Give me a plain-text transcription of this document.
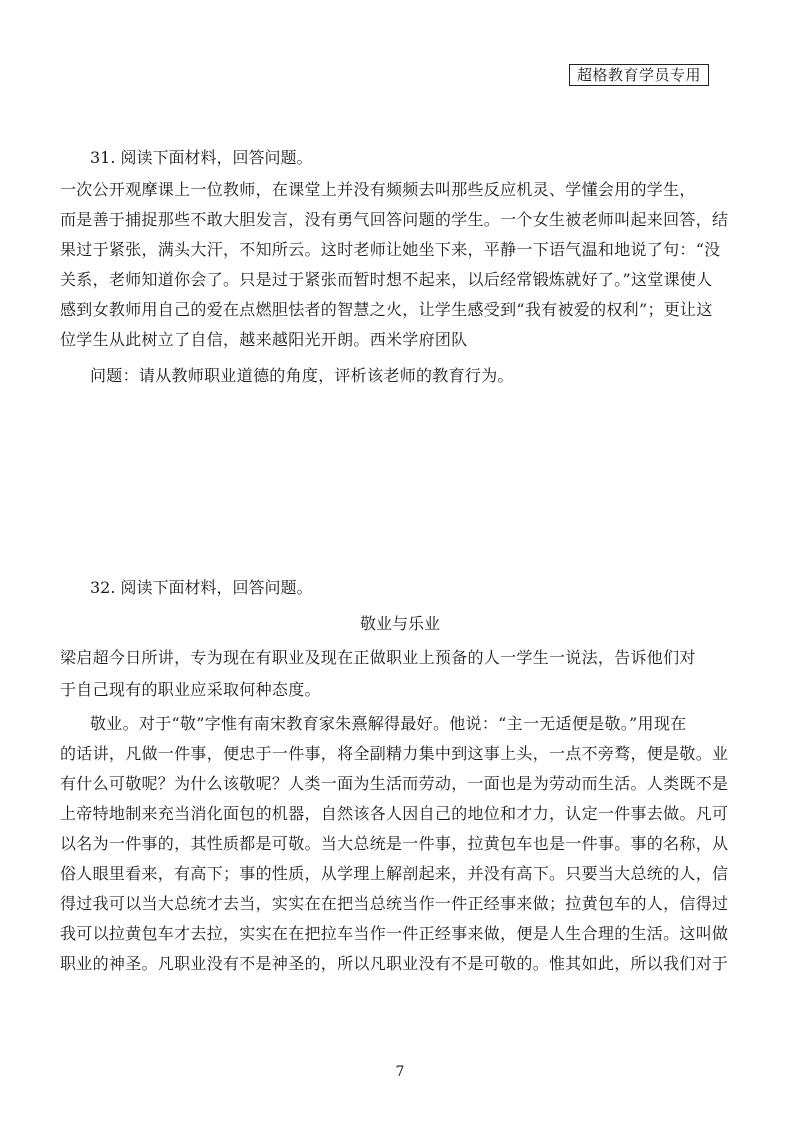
超格教育学员专用
31. 阅读下面材料，回答问题。
一次公开观摩课上一位教师，在课堂上并没有频频去叫那些反应机灵、学懂会用的学生，
而是善于捕捉那些不敢大胆发言，没有勇气回答问题的学生。一个女生被老师叫起来回答，结
果过于紧张，满头大汗，不知所云。这时老师让她坐下来，平静一下语气温和地说了句：“没
关系，老师知道你会了。只是过于紧张而暂时想不起来，以后经常锻炼就好了。”这堂课使人
感到女教师用自己的爱在点燃胆怯者的智慧之火，让学生感受到“我有被爱的权利”；更让这
位学生从此树立了自信，越来越阳光开朗。西米学府团队
问题：请从教师职业道德的角度，评析该老师的教育行为。
32. 阅读下面材料，回答问题。
敬业与乐业
梁启超今日所讲，专为现在有职业及现在正做职业上预备的人一学生一说法，告诉他们对
于自己现有的职业应采取何种态度。
敬业。对于“敬”字惟有南宋教育家朱熹解得最好。他说：“主一无适便是敬。”用现在
的话讲，凡做一件事，便忠于一件事，将全副精力集中到这事上头，一点不旁骛，便是敬。业
有什么可敬呢？为什么该敬呢？人类一面为生活而劳动，一面也是为劳动而生活。人类既不是
上帝特地制来充当消化面包的机器，自然该各人因自己的地位和才力，认定一件事去做。凡可
以名为一件事的，其性质都是可敬。当大总统是一件事，拉黄包车也是一件事。事的名称，从
俗人眼里看来，有高下；事的性质，从学理上解剖起来，并没有高下。只要当大总统的人，信
得过我可以当大总统才去当，实实在在把当总统当作一件正经事来做；拉黄包车的人，信得过
我可以拉黄包车才去拉，实实在在把拉车当作一件正经事来做，便是人生合理的生活。这叫做
职业的神圣。凡职业没有不是神圣的，所以凡职业没有不是可敬的。惟其如此，所以我们对于
7
